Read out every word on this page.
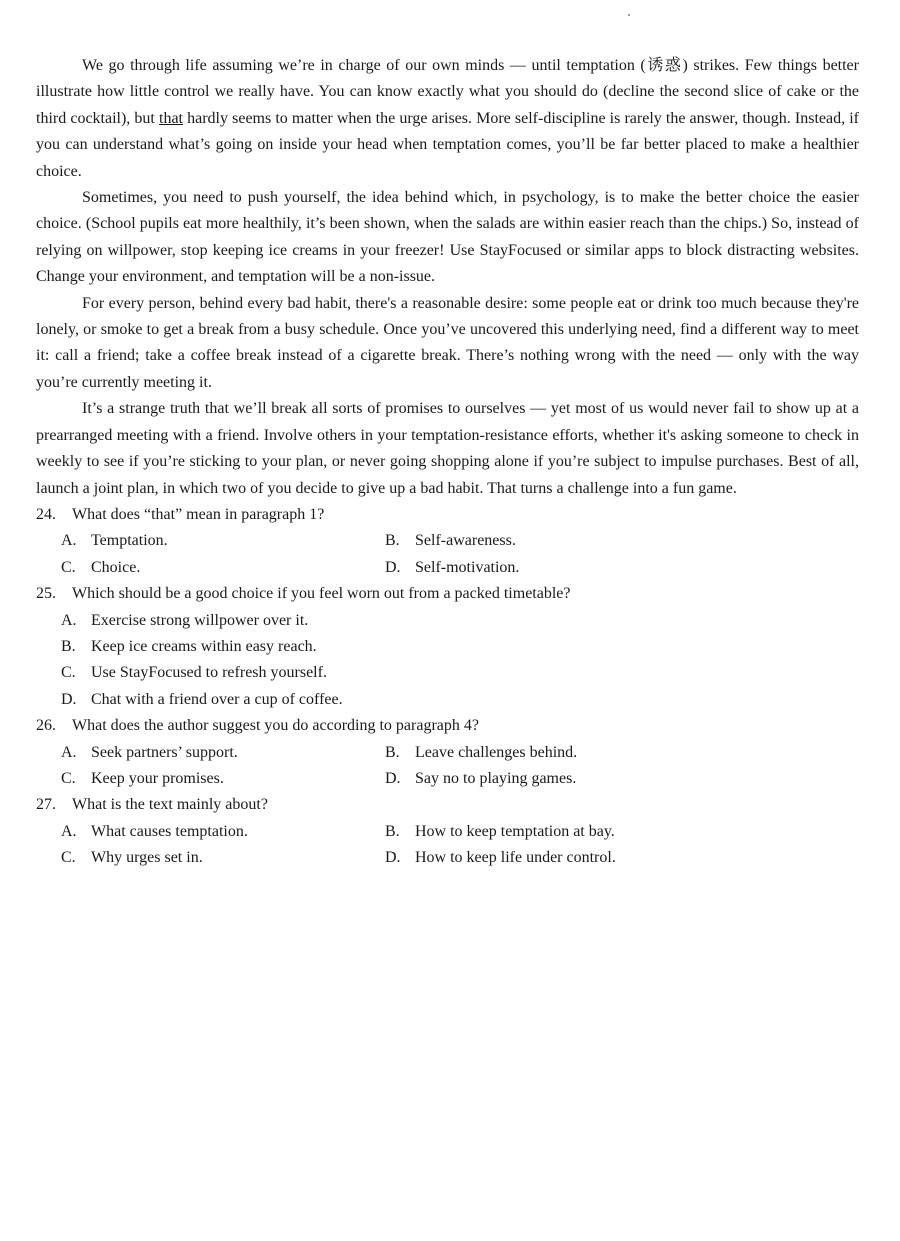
We go through life assuming we’re in charge of our own minds — until temptation (诱惑) strikes. Few things better illustrate how little control we really have. You can know exactly what you should do (decline the second slice of cake or the third cocktail), but that hardly seems to matter when the urge arises. More self-discipline is rarely the answer, though. Instead, if you can understand what’s going on inside your head when temptation comes, you’ll be far better placed to make a healthier choice.

Sometimes, you need to push yourself, the idea behind which, in psychology, is to make the better choice the easier choice. (School pupils eat more healthily, it’s been shown, when the salads are within easier reach than the chips.) So, instead of relying on willpower, stop keeping ice creams in your freezer! Use StayFocused or similar apps to block distracting websites. Change your environment, and temptation will be a non-issue.

For every person, behind every bad habit, there's a reasonable desire: some people eat or drink too much because they're lonely, or smoke to get a break from a busy schedule. Once you’ve uncovered this underlying need, find a different way to meet it: call a friend; take a coffee break instead of a cigarette break. There’s nothing wrong with the need — only with the way you’re currently meeting it.

It’s a strange truth that we’ll break all sorts of promises to ourselves — yet most of us would never fail to show up at a prearranged meeting with a friend. Involve others in your temptation-resistance efforts, whether it's asking someone to check in weekly to see if you’re sticking to your plan, or never going shopping alone if you’re subject to impulse purchases. Best of all, launch a joint plan, in which two of you decide to give up a bad habit. That turns a challenge into a fun game.

24. What does “that” mean in paragraph 1?
A. Temptation.	B. Self-awareness.
C. Choice.	D. Self-motivation.
25. Which should be a good choice if you feel worn out from a packed timetable?
A. Exercise strong willpower over it.
B. Keep ice creams within easy reach.
C. Use StayFocused to refresh yourself.
D. Chat with a friend over a cup of coffee.
26. What does the author suggest you do according to paragraph 4?
A. Seek partners’ support.	B. Leave challenges behind.
C. Keep your promises.	D. Say no to playing games.
27. What is the text mainly about?
A. What causes temptation.	B. How to keep temptation at bay.
C. Why urges set in.	D. How to keep life under control.
